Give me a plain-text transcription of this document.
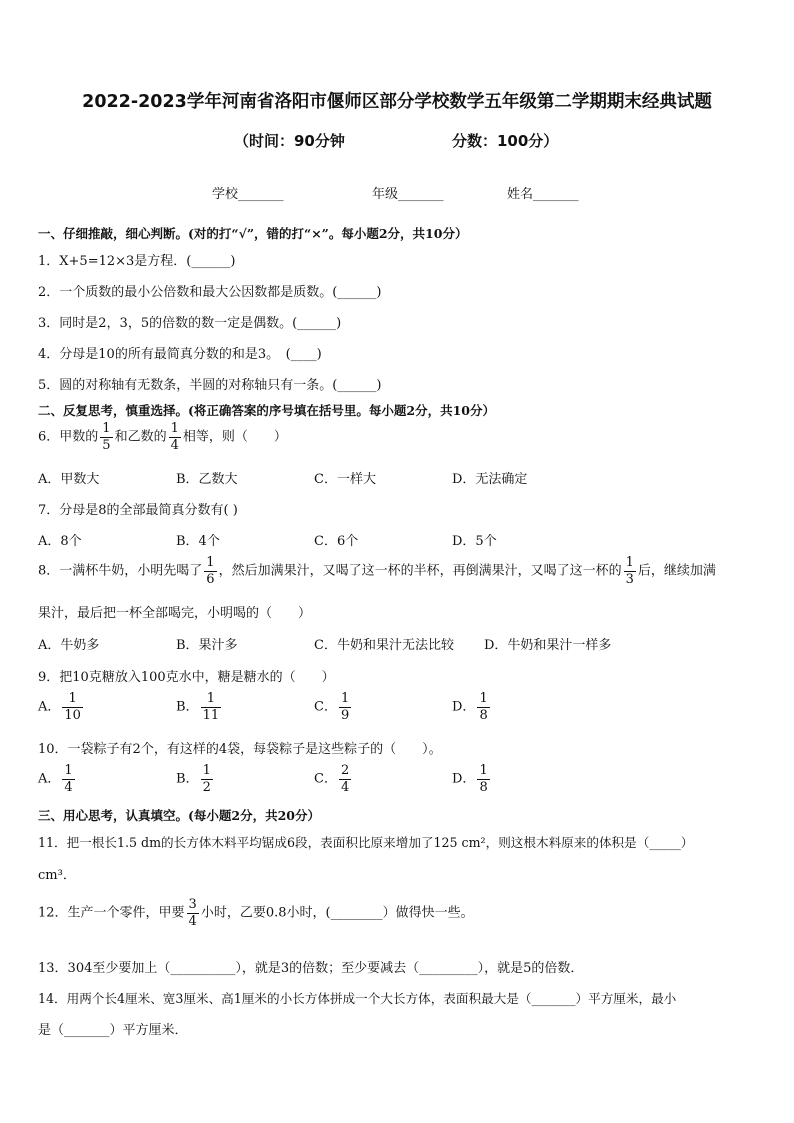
2022-2023学年河南省洛阳市偃师区部分学校数学五年级第二学期期末经典试题
（时间：90分钟	分数：100分）
学校_______	年级_______	姓名_______
一、仔细推敲，细心判断。(对的打“√”，错的打“×”。每小题2分，共10分）
1．X+5=12×3是方程．(______)
2．一个质数的最小公倍数和最大公因数都是质数。(______)
3．同时是2，3，5的倍数的数一定是偶数。(______)
4．分母是10的所有最简真分数的和是3。　(____)
5．圆的对称轴有无数条，半圆的对称轴只有一条。(______)
二、反复思考，慎重选择。(将正确答案的序号填在括号里。每小题2分，共10分）
6．甲数的 $\frac{1}{5}$ 和乙数的 $\frac{1}{4}$ 相等，则（　　）
A．甲数大	B．乙数大	C．一样大	D．无法确定
7．分母是8的全部最简真分数有( )
A．8个	B．4个	C．6个	D．5个
8．一满杯牛奶，小明先喝了 $\frac{1}{6}$ ，然后加满果汁，又喝了这一杯的半杯，再倒满果汁，又喝了这一杯的 $\frac{1}{3}$ 后，继续加满
果汁，最后把一杯全部喝完，小明喝的（　　）
A．牛奶多	B．果汁多	C．牛奶和果汁无法比较 D．牛奶和果汁一样多
9．把10克糖放入100克水中，糖是糖水的（　　）
A． $\frac{1}{10}$	B． $\frac{1}{11}$	C． $\frac{1}{9}$	D． $\frac{1}{8}$
10．一袋粽子有2个，有这样的4袋，每袋粽子是这些粽子的（　　）。
A． $\frac{1}{4}$	B． $\frac{1}{2}$	C． $\frac{2}{4}$	D． $\frac{1}{8}$
三、用心思考，认真填空。(每小题2分，共20分）
11．把一根长1.5 dm的长方体木料平均锯成6段，表面积比原来增加了125 cm²，则这根木料原来的体积是（_____）
cm³．
12．生产一个零件，甲要 $\frac{3}{4}$ 小时，乙要0.8小时，(________）做得快一些。
13．304至少要加上（__________），就是3的倍数；至少要减去（_________），就是5的倍数．
14．用两个长4厘米、宽3厘米、高1厘米的小长方体拼成一个大长方体，表面积最大是（_______）平方厘米，最小
是（_______）平方厘米．
